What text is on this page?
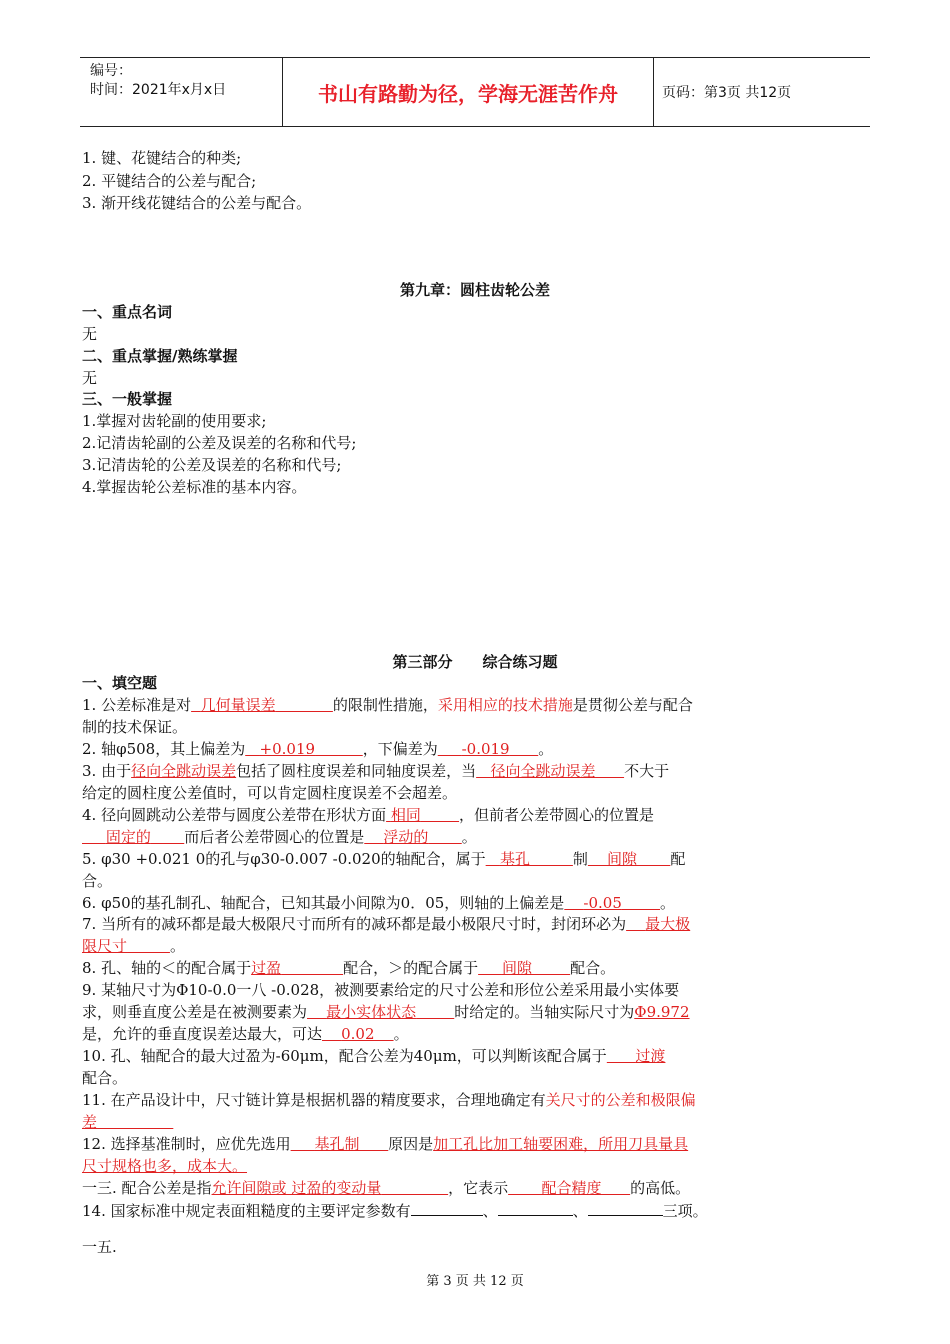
编号：
时间：2021年x月x日	书山有路勤为径，学海无涯苦作舟	页码：第3页 共12页
1. 键、花键结合的种类;
2. 平键结合的公差与配合;
3. 渐开线花键结合的公差与配合。
第九章：圆柱齿轮公差
一、重点名词
无
二、重点掌握/熟练掌握
无
三、一般掌握
1.掌握对齿轮副的使用要求;
2.记清齿轮副的公差及误差的名称和代号;
3.记清齿轮的公差及误差的名称和代号;
4.掌握齿轮公差标准的基本内容。
第三部分　　综合练习题
一、填空题
1. 公差标准是对 几何量误差	的限制性措施，采用相应的技术措施是贯彻公差与配合
制的技术保证。
2. 轴φ508，其上偏差为 +0.019	，下偏差为 -0.019 。
3. 由于径向全跳动误差包括了圆柱度误差和同轴度误差，当 径向全跳动误差 不大于
给定的圆柱度公差值时，可以肯定圆柱度误差不会超差。
4. 径向圆跳动公差带与圆度公差带在形状方面 相同	，但前者公差带圆心的位置是
固定的 而后者公差带圆心的位置是 浮动的 。
5. φ30 +0.021 0的孔与φ30-0.007 -0.020的轴配合，属于 基孔	制 间隙 配
合。
6. φ50的基孔制孔、轴配合，已知其最小间隙为0．05，则轴的上偏差是 -0.05	。
7. 当所有的减环都是最大极限尺寸而所有的减环都是最小极限尺寸时，封闭环必为 最大极
限尺寸	。
8. 孔、轴的＜的配合属于过盈	配合，＞的配合属于 间隙	配合。
9. 某轴尺寸为Φ10-0.0一八 -0.028，被测要素给定的尺寸公差和形位公差采用最小实体要
求，则垂直度公差是在被测要素为 最小实体状态	时给定的。当轴实际尺寸为Φ9.972
是，允许的垂直度误差达最大，可达 0.02 。
10. 孔、轴配合的最大过盈为-60μm，配合公差为40μm，可以判断该配合属于 过渡
配合。
11. 在产品设计中，尺寸链计算是根据机器的精度要求，合理地确定有关尺寸的公差和极限偏
差
12. 选择基准制时，应优先选用 基孔制 原因是加工孔比加工轴要困难，所用刀具量具
尺寸规格也多，成本大。
一三. 配合公差是指允许间隙或 过盈的变动量	，它表示 配合精度 的高低。
14. 国家标准中规定表面粗糙度的主要评定参数有	、	、	三项。
一五.
第 3 页 共 12 页
